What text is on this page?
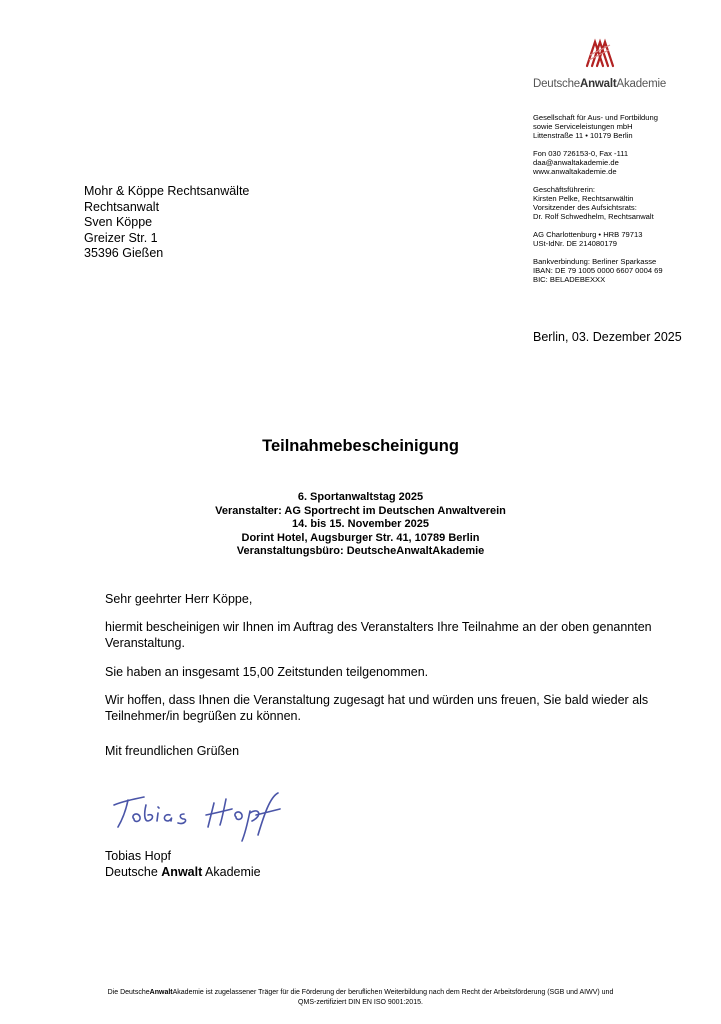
DeutscheAnwaltAkademie
Gesellschaft für Aus- und Fortbildung
sowie Serviceleistungen mbH
Littenstraße 11 • 10179 Berlin
Fon 030 726153-0, Fax -111
daa@anwaltakademie.de
www.anwaltakademie.de
Geschäftsführerin:
Kirsten Pelke, Rechtsanwältin
Vorsitzender des Aufsichtsrats:
Dr. Rolf Schwedhelm, Rechtsanwalt
AG Charlottenburg • HRB 79713
USt-IdNr. DE 214080179
Bankverbindung: Berliner Sparkasse
IBAN: DE 79 1005 0000 6607 0004 69
BIC: BELADEBEXXX
Mohr & Köppe Rechtsanwälte
Rechtsanwalt
Sven Köppe
Greizer Str. 1
35396 Gießen
Berlin, 03. Dezember 2025
Teilnahmebescheinigung
6. Sportanwaltstag 2025
Veranstalter: AG Sportrecht im Deutschen Anwaltverein
14. bis 15. November 2025
Dorint Hotel, Augsburger Str. 41, 10789 Berlin
Veranstaltungsbüro: DeutscheAnwaltAkademie

Sehr geehrter Herr Köppe,

hiermit bescheinigen wir Ihnen im Auftrag des Veranstalters Ihre Teilnahme an der oben genannten Veranstaltung.

Sie haben an insgesamt 15,00 Zeitstunden teilgenommen.

Wir hoffen, dass Ihnen die Veranstaltung zugesagt hat und würden uns freuen, Sie bald wieder als Teilnehmer/in begrüßen zu können.

Mit freundlichen Grüßen
Tobias Hopf
Deutsche Anwalt Akademie
Die DeutscheAnwaltAkademie ist zugelassener Träger für die Förderung der beruflichen Weiterbildung nach dem Recht der Arbeitsförderung (SGB und AIWV) und
QMS-zertifiziert DIN EN ISO 9001:2015.
